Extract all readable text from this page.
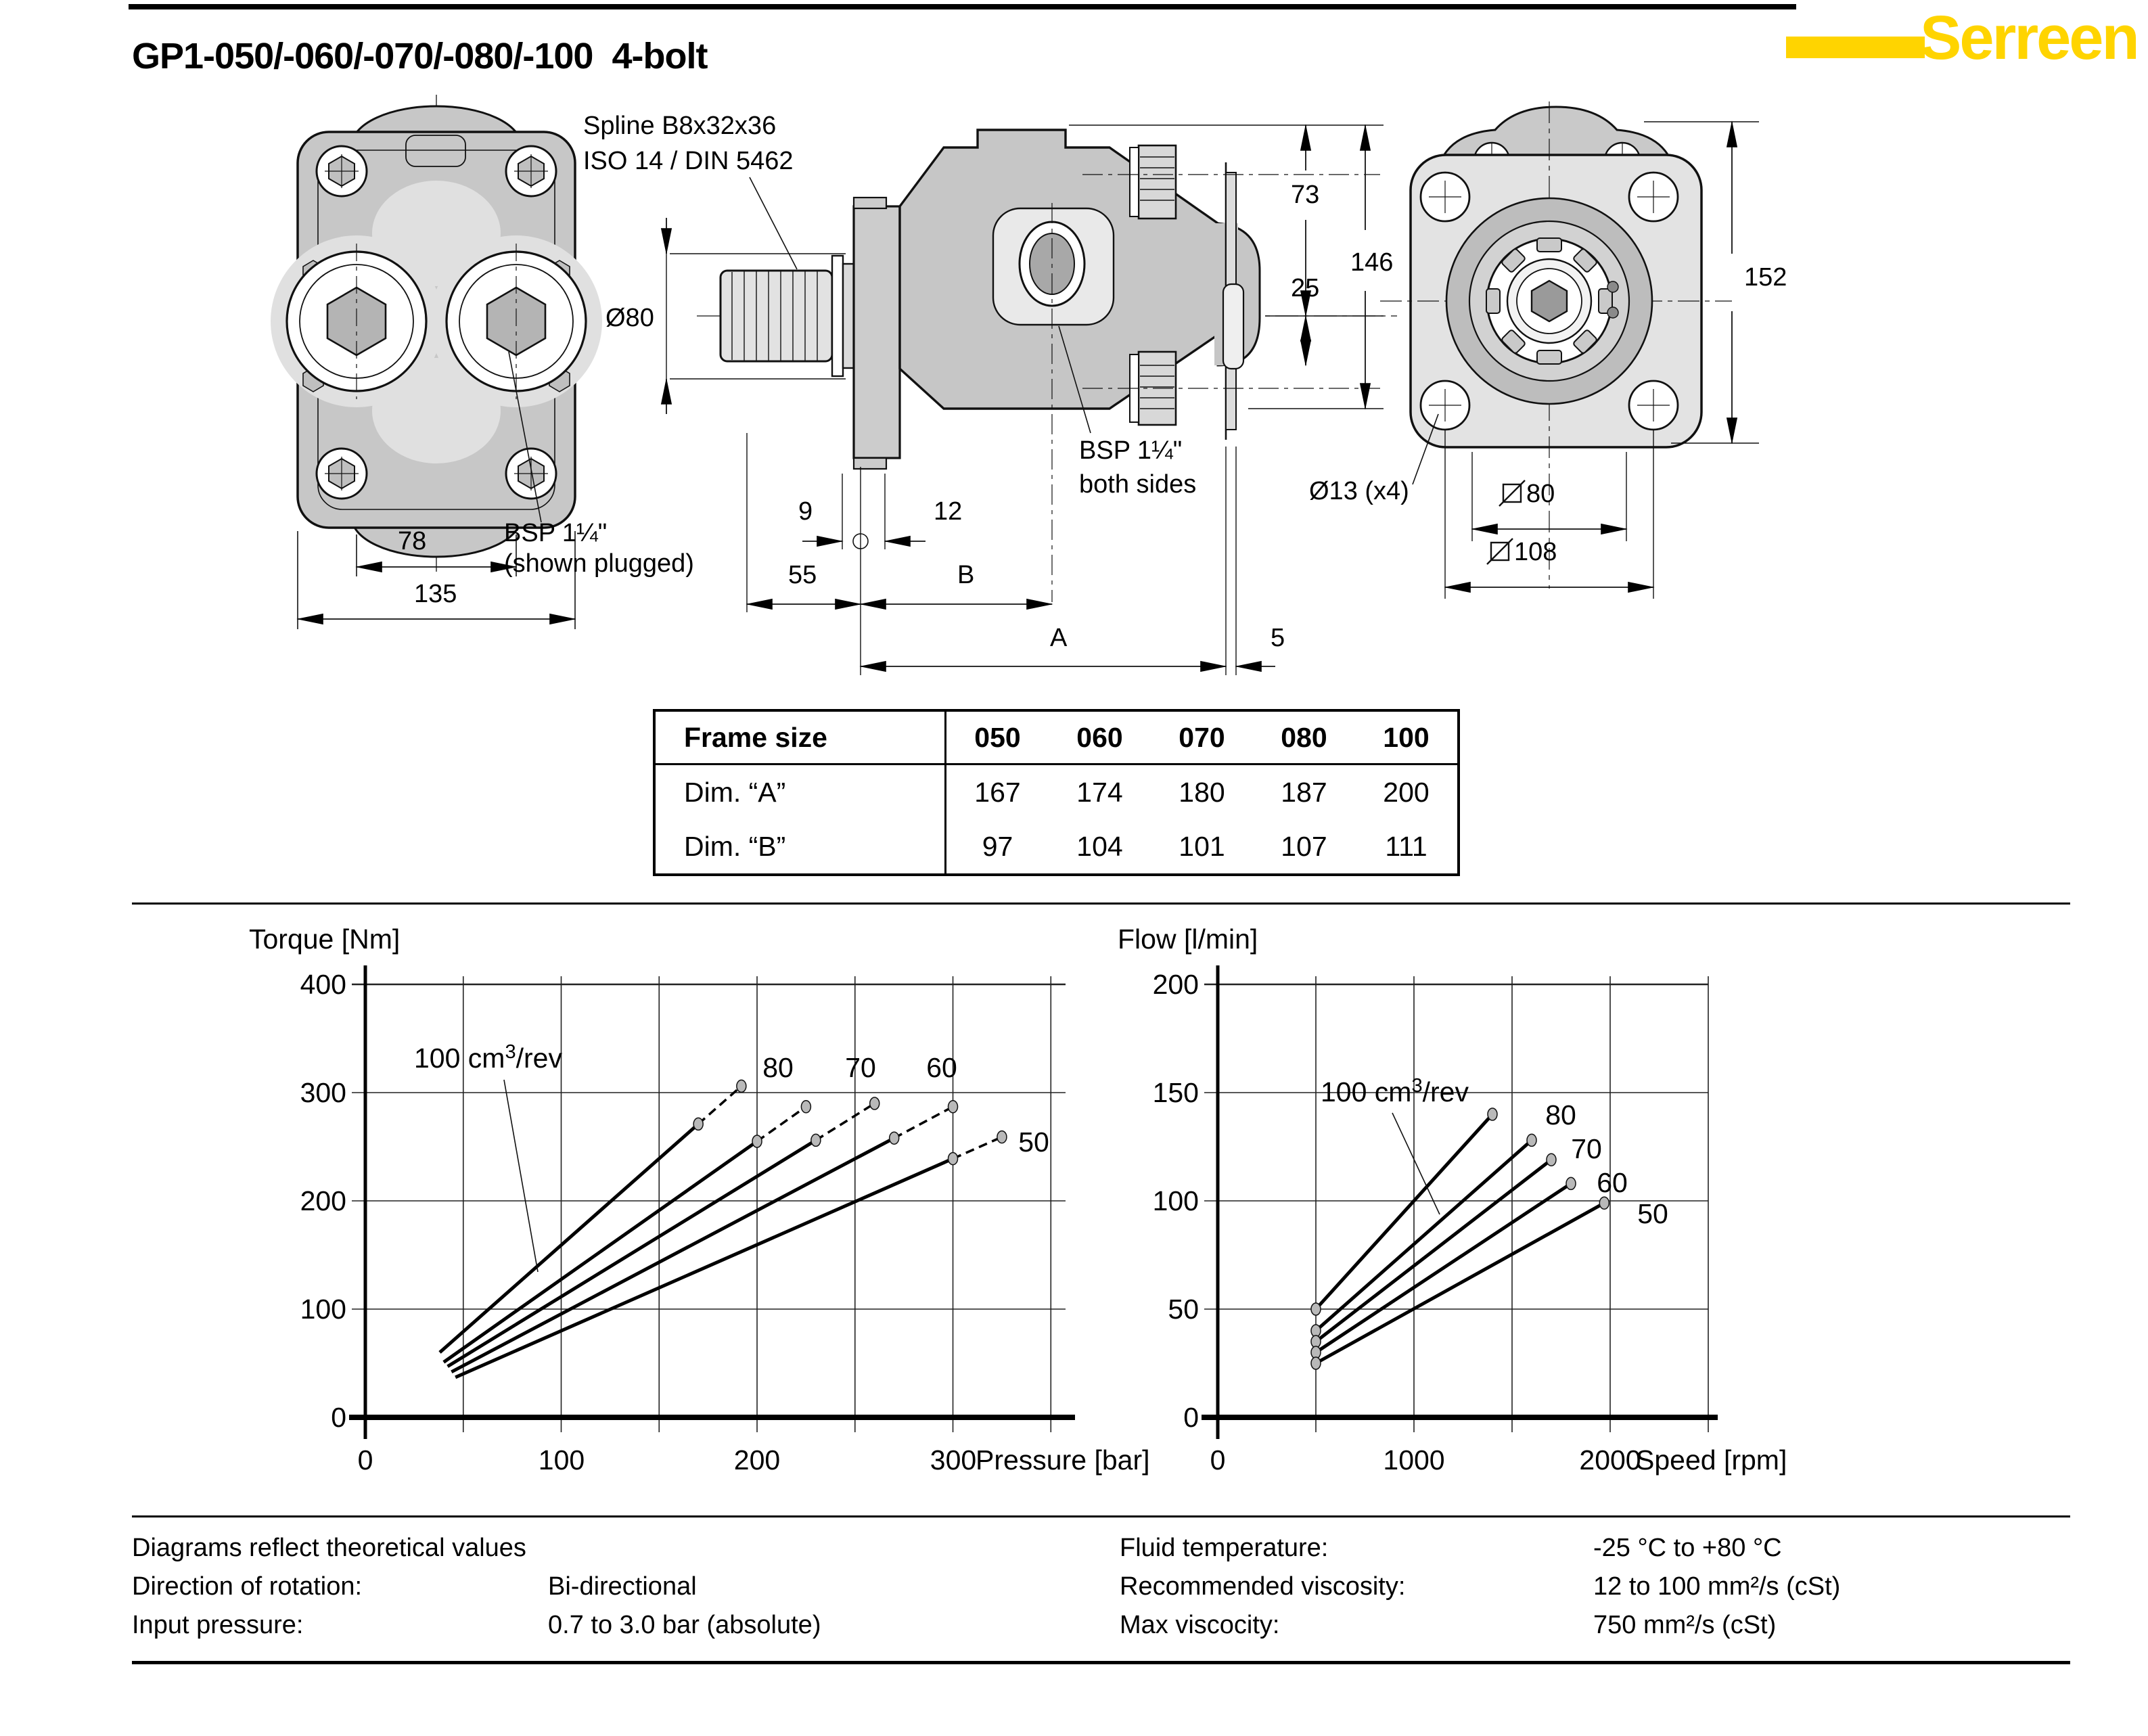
GP1-050/-060/-070/-080/-100  4-bolt	Serreen
78
135
BSP 1¼"
(shown plugged)
Spline B8x32x36
ISO 14 / DIN 5462
Ø80
73
146
25
9	12
55	B
A	5
BSP 1¼"
both sides
152
Ø13 (x4)	80
108
Frame size	050	060	070	080	100
Dim. “A”	167	174	180	187	200
Dim. “B”	97	104	101	107	111
Torque [Nm]
0
100
200
300
400
0	100	200	300
Pressure [bar]
100 $cm^3$/rev	80 70 60
50
Flow [l/min]
0
50
100
150
200
0	1000	2000
Speed [rpm]
100 $cm^3$/rev
80
70
60
50
Diagrams reflect theoretical values
Direction of rotation:	Bi-directional
Input pressure:	0.7 to 3.0 bar (absolute)
Fluid temperature:	-25 °C to +80 °C
Recommended viscosity:	12 to 100 mm²/s (cSt)
Max viscocity:	750 mm²/s (cSt)
